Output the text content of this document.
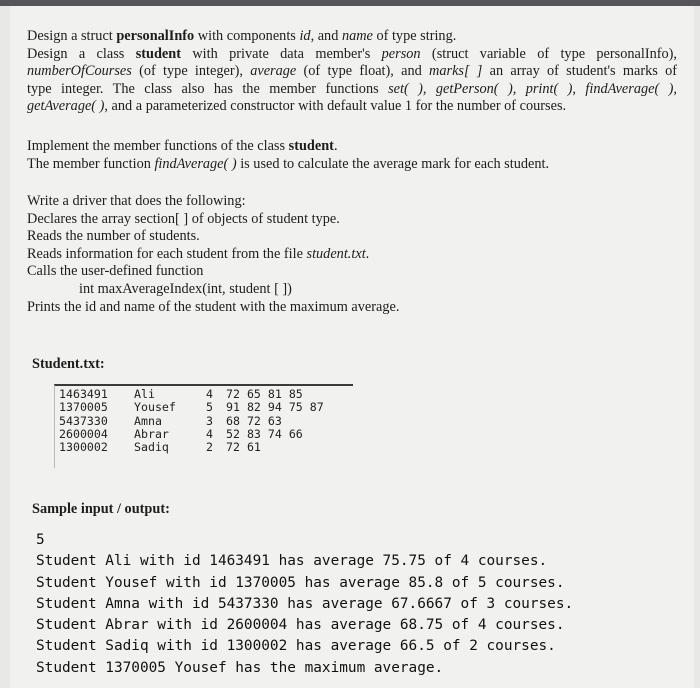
Design a struct personalInfo with components id, and name of type string.
Design a class student with private data member's person (struct variable of type personalInfo),
numberOfCourses (of type integer), average (of type float), and marks[ ] an array of student's marks of
type integer. The class also has the member functions set( ), getPerson( ), print( ), findAverage( ),
getAverage( ), and a parameterized constructor with default value 1 for the number of courses.
Implement the member functions of the class student.
The member function findAverage( ) is used to calculate the average mark for each student.
Write a driver that does the following:
Declares the array section[ ] of objects of student type.
Reads the number of students.
Reads information for each student from the file student.txt.
Calls the user-defined function
int maxAverageIndex(int, student [ ])
Prints the id and name of the student with the maximum average.
Student.txt:
1463491	Ali	4	72 65 81 85
1370005	Yousef	5	91 82 94 75 87
5437330	Amna	3	68 72 63
2600004	Abrar	4	52 83 74 66
1300002	Sadiq	2	72 61
Sample input / output:
5
Student Ali with id 1463491 has average 75.75 of 4 courses.
Student Yousef with id 1370005 has average 85.8 of 5 courses.
Student Amna with id 5437330 has average 67.6667 of 3 courses.
Student Abrar with id 2600004 has average 68.75 of 4 courses.
Student Sadiq with id 1300002 has average 66.5 of 2 courses.
Student 1370005 Yousef has the maximum average.
